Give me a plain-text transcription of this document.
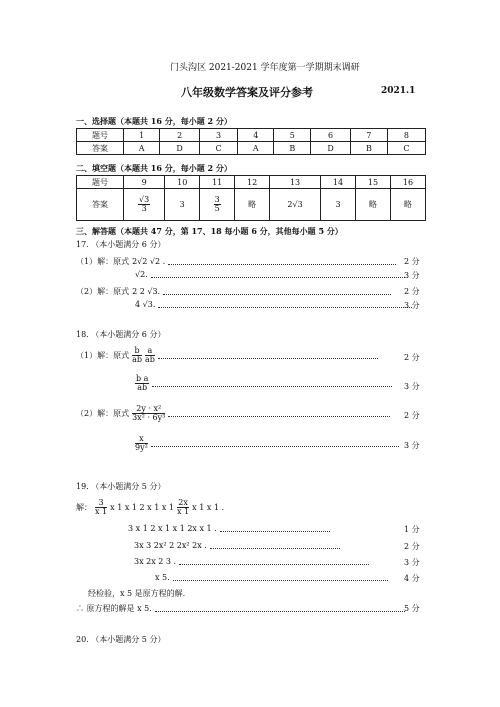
门头沟区 2021-2021 学年度第一学期期末调研
八年级数学答案及评分参考	2021.1
一、选择题（本题共 16 分，每小题 2 分）
题号	1	2	3	4	5	6	7	8
答案	A	D	C	A	B	D	B	C
二、填空题（本题共 16 分，每小题 2 分）
题号	9	10	11	12	13	14	15	16
答案	$\frac{√3}{3}$	3	$\frac{3}{5}$	略	2√3	3	略	略
三、解答题（本题共 47 分，第 17、18 每小题 6 分，其他每小题 5 分）
17. （本小题满分 6 分）
（1）解：原式 2√2 √2 .	2 分
√2.	3 分
（2）解：原式 2 2 √3.	2 分
4 √3.	3 分
18. （本小题满分 6 分）
（1）解：原式 $\frac{b}{ab} \frac{a}{ab}$	2 分
$\frac{\text{b a}}{ab}$	3 分
（2）解：原式 $\frac{\text{2y · x²}}{\text{3x² · 6y³}}$	2 分
$\frac{x}{\text{9y²}}$	3 分
19. （本小题满分 5 分）
解： $\frac{3}{x 1}$ x 1 x 1 2 x 1 x $1 \frac{2x}{x 1}$ x 1 x 1 .
3 x 1 2 x 1 x 1 2x x 1 .	1 分
3x 3 2x² 2 2x² 2x .	2 分
3x 2x 2 3 .	3 分
x 5.	4 分
经检验，x 5 是原方程的解.
∴ 原方程的解是 x 5.	5 分
20. （本小题满分 5 分）
